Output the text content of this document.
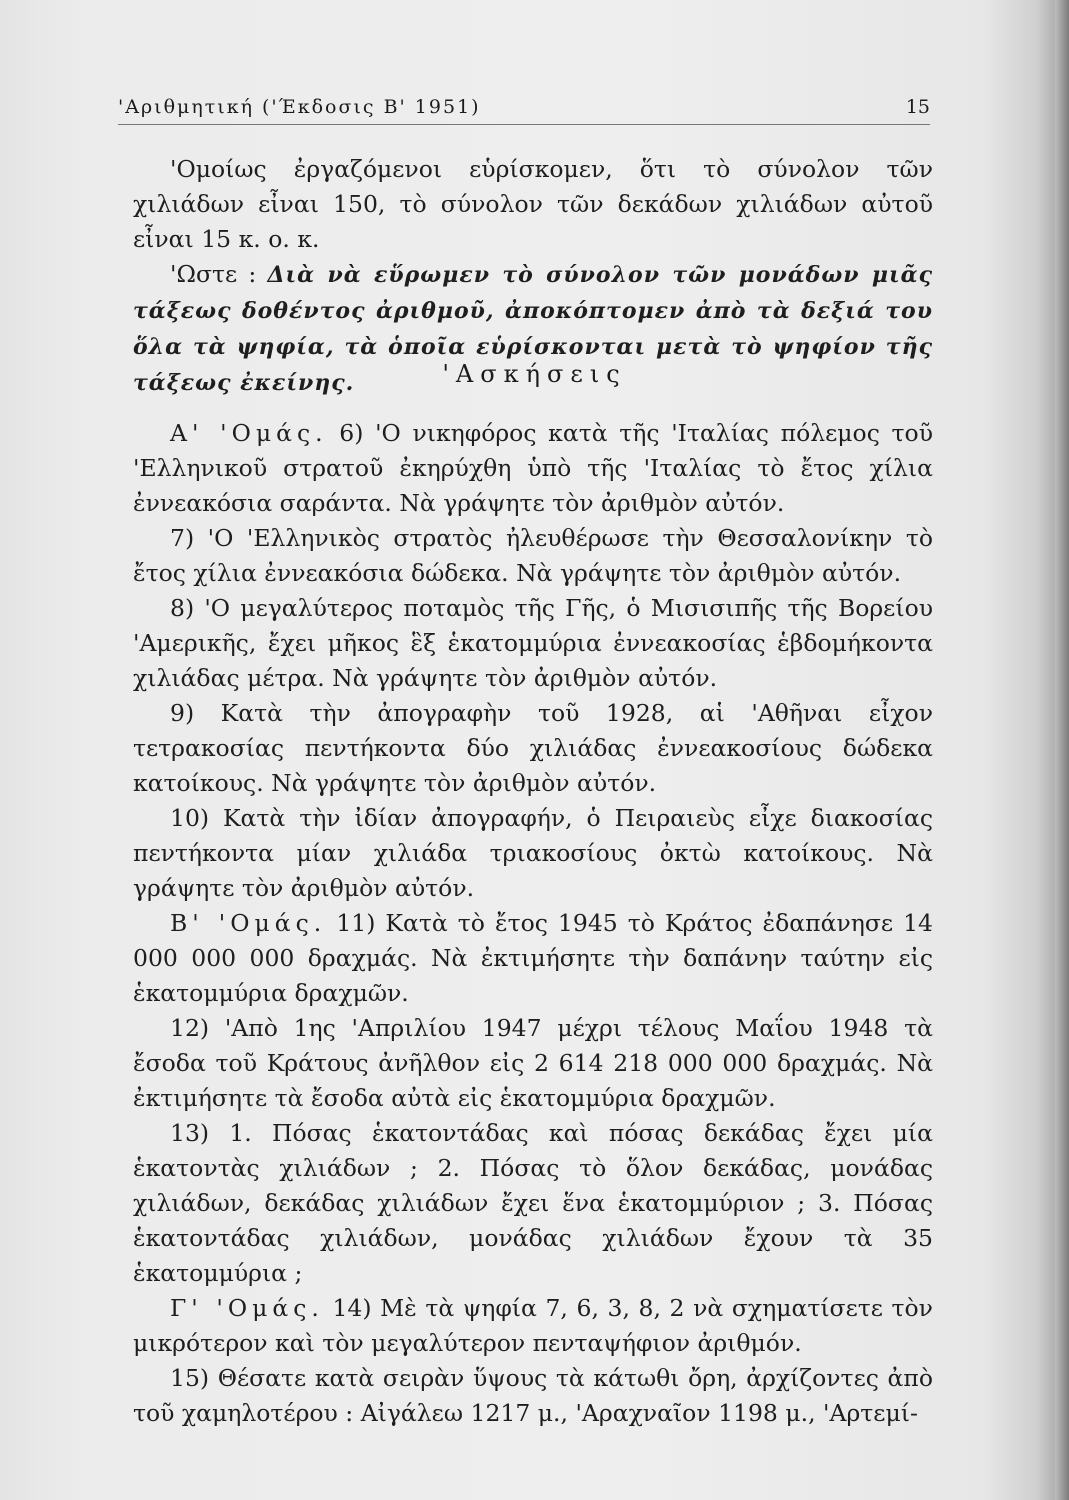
'Αριθμητική ('Έκδοσις Β' 1951)	15

'Ομοίως ἐργαζόμενοι εὑρίσκομεν, ὅτι τὸ σύνολον τῶν χιλιάδων εἶναι 150, τὸ σύνολον τῶν δεκάδων χιλιάδων αὐτοῦ εἶναι 15 κ. ο. κ.

'Ωστε : Διὰ νὰ εὕρωμεν τὸ σύνολον τῶν μονάδων μιᾶς τάξεως δοθέντος ἀριθμοῦ, ἀποκόπτομεν ἀπὸ τὰ δεξιά του ὅλα τὰ ψηφία, τὰ ὁποῖα εὑρίσκονται μετὰ τὸ ψηφίον τῆς τάξεως ἐκείνης.	'Ασκήσεις

Α' 'Ομάς. 6) 'Ο νικηφόρος κατὰ τῆς 'Ιταλίας πόλεμος τοῦ 'Ελληνικοῦ στρατοῦ ἐκηρύχθη ὑπὸ τῆς 'Ιταλίας τὸ ἔτος χίλια ἐννεακόσια σαράντα. Νὰ γράψητε τὸν ἀριθμὸν αὐτόν.

7) 'Ο 'Ελληνικὸς στρατὸς ἠλευθέρωσε τὴν Θεσσαλονίκην τὸ ἔτος χίλια ἐννεακόσια δώδεκα. Νὰ γράψητε τὸν ἀριθμὸν αὐτόν.

8) 'Ο μεγαλύτερος ποταμὸς τῆς Γῆς, ὁ Μισισιπῆς τῆς Βορείου 'Αμερικῆς, ἔχει μῆκος ἓξ ἑκατομμύρια ἐννεακοσίας ἑβδομήκοντα χιλιάδας μέτρα. Νὰ γράψητε τὸν ἀριθμὸν αὐτόν.

9) Κατὰ τὴν ἀπογραφὴν τοῦ 1928, αἱ 'Αθῆναι εἶχον τετρακοσίας πεντήκοντα δύο χιλιάδας ἐννεακοσίους δώδεκα κατοίκους. Νὰ γράψητε τὸν ἀριθμὸν αὐτόν.

10) Κατὰ τὴν ἰδίαν ἀπογραφήν, ὁ Πειραιεὺς εἶχε διακοσίας πεντήκοντα μίαν χιλιάδα τριακοσίους ὀκτὼ κατοίκους. Νὰ γράψητε τὸν ἀριθμὸν αὐτόν.

Β' 'Ομάς. 11) Κατὰ τὸ ἔτος 1945 τὸ Κράτος ἐδαπάνησε 14 000 000 000 δραχμάς. Νὰ ἐκτιμήσητε τὴν δαπάνην ταύτην εἰς ἑκατομμύρια δραχμῶν.

12) 'Απὸ 1ης 'Απριλίου 1947 μέχρι τέλους Μαΐου 1948 τὰ ἔσοδα τοῦ Κράτους ἀνῆλθον εἰς 2 614 218 000 000 δραχμάς. Νὰ ἐκτιμήσητε τὰ ἔσοδα αὐτὰ εἰς ἑκατομμύρια δραχμῶν.

13) 1. Πόσας ἑκατοντάδας καὶ πόσας δεκάδας ἔχει μία ἑκατοντὰς χιλιάδων ; 2. Πόσας τὸ ὅλον δεκάδας, μονάδας χιλιάδων, δεκάδας χιλιάδων ἔχει ἕνα ἑκατομμύριον ; 3. Πόσας ἑκατοντάδας χιλιάδων, μονάδας χιλιάδων ἔχουν τὰ 35 ἑκατομμύρια ;

Γ' 'Ομάς. 14) Μὲ τὰ ψηφία 7, 6, 3, 8, 2 νὰ σχηματίσετε τὸν μικρότερον καὶ τὸν μεγαλύτερον πενταψήφιον ἀριθμόν.

15) Θέσατε κατὰ σειρὰν ὕψους τὰ κάτωθι ὄρη, ἀρχίζοντες ἀπὸ τοῦ χαμηλοτέρου : Αἰγάλεω 1217 μ., 'Αραχναῖον 1198 μ., 'Αρτεμί-
